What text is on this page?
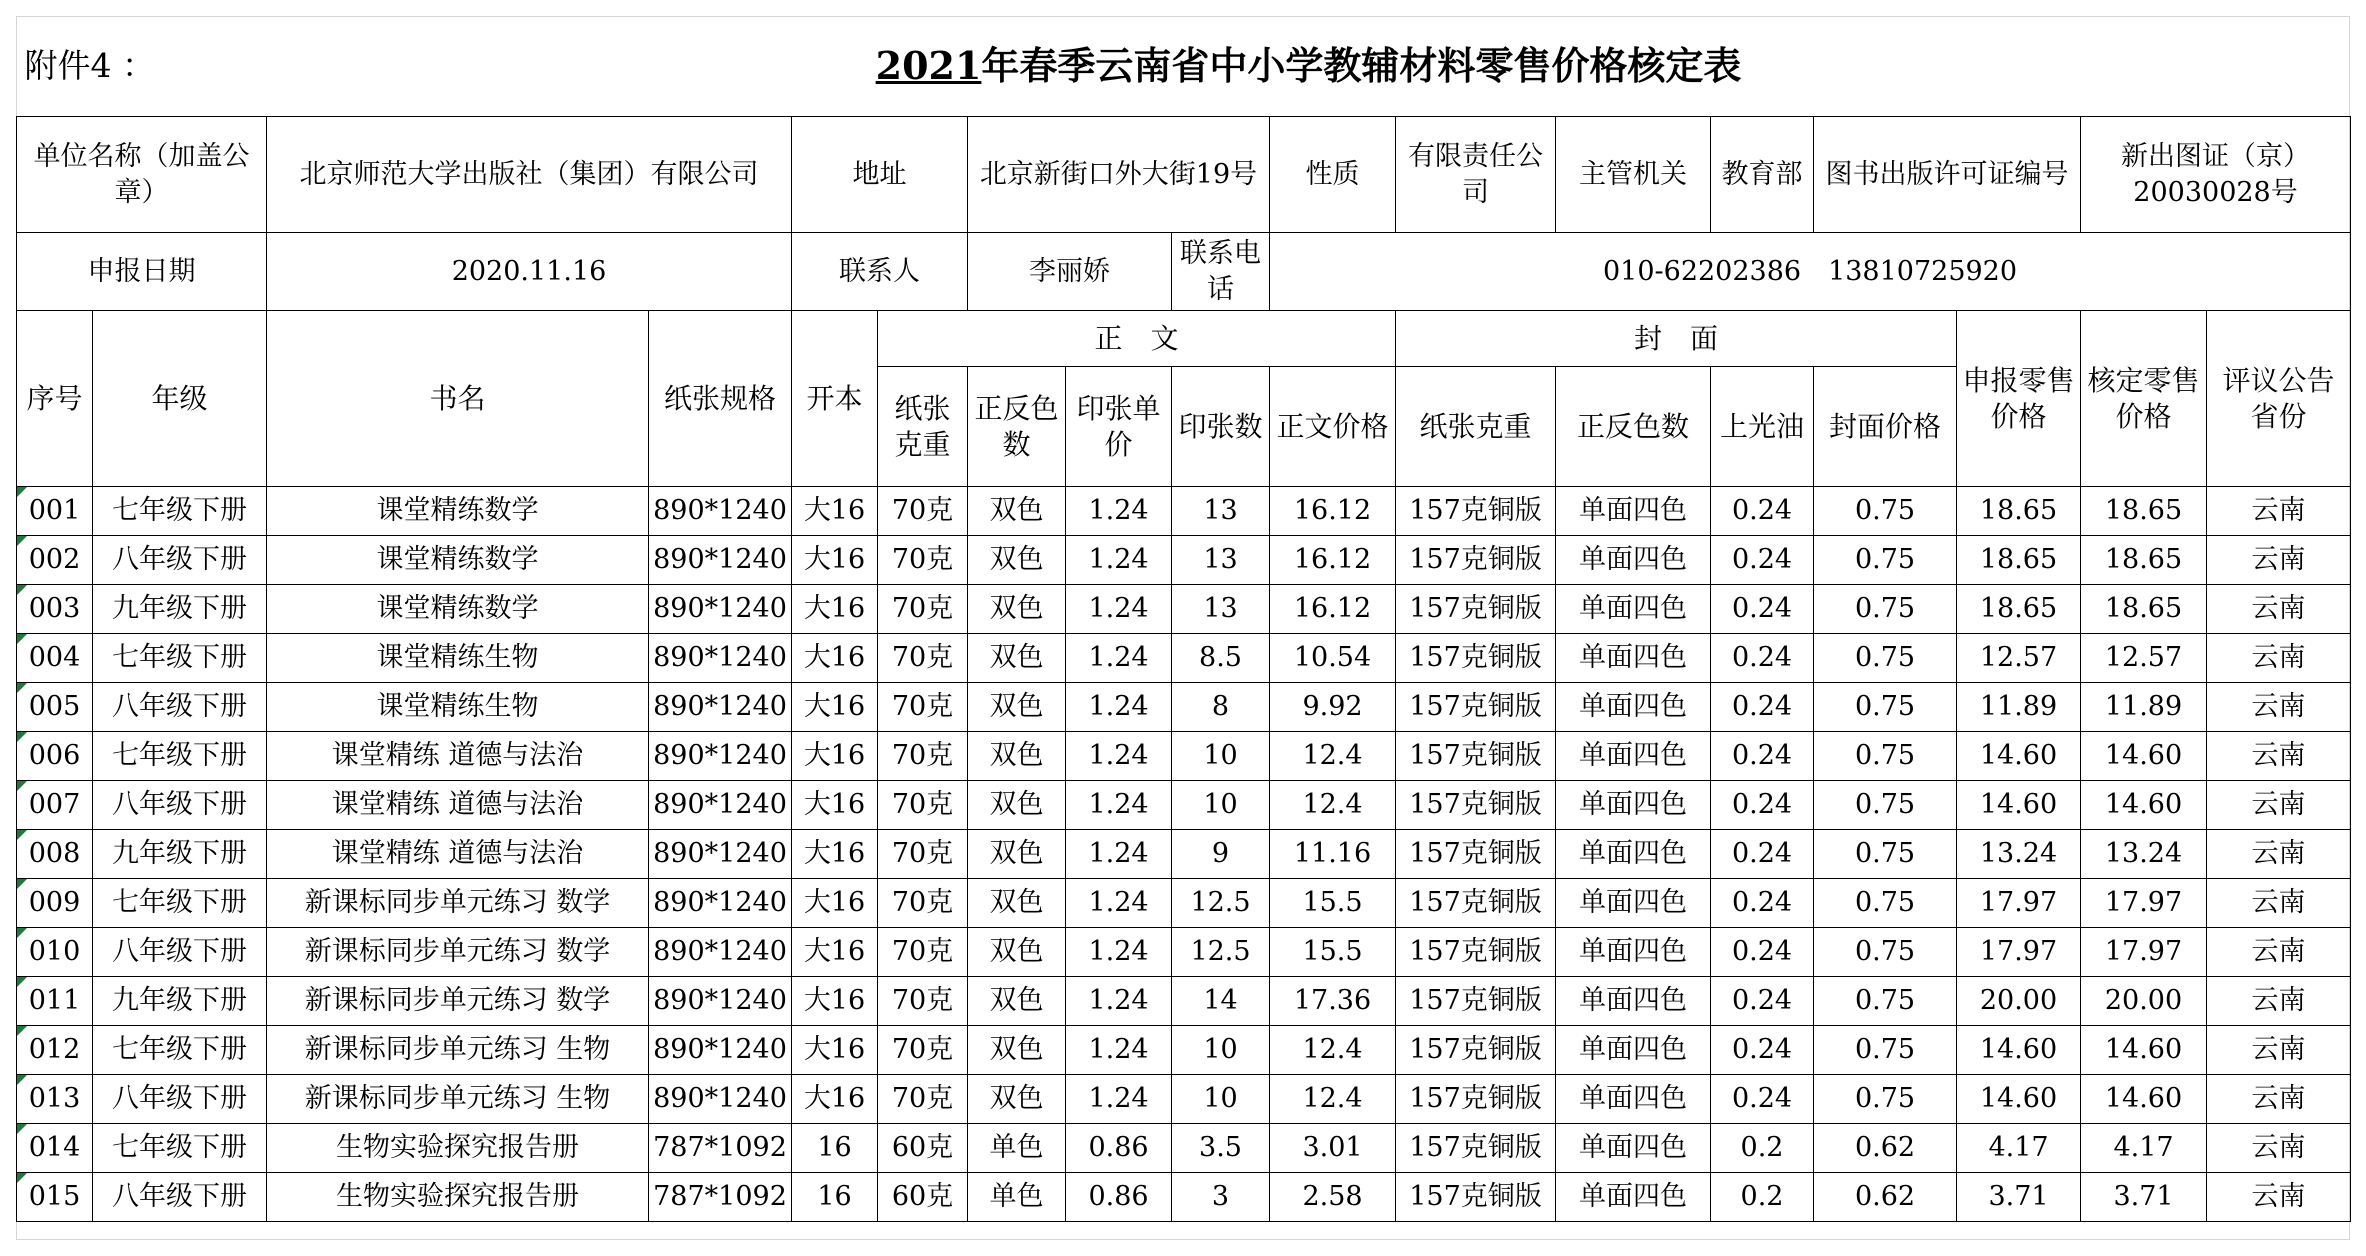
附件4 ：		2021年春季云南省中小学教辅材料零售价格核定表														
单位名称（加盖公章）		北京师范大学出版社（集团）有限公司		地址		北京新街口外大街19号			性质	有限责任公司	主管机关	教育部	图书出版许可证编号		新出图证（京）20030028号	
申报日期		2020.11.16		联系人		李丽娇		联系电话	010-62202386　13810725920							
序号	年级	书名	纸张规格	开本	正　文					封　面				申报零售价格	核定零售价格	评议公告省份
					纸张克重	正反色数	印张单价	印张数	正文价格	纸张克重	正反色数	上光油	封面价格			
001	七年级下册	课堂精练数学	890*1240	大16	70克	双色	1.24	13	16.12	157克铜版	单面四色	0.24	0.75	18.65	18.65	云南
002	八年级下册	课堂精练数学	890*1240	大16	70克	双色	1.24	13	16.12	157克铜版	单面四色	0.24	0.75	18.65	18.65	云南
003	九年级下册	课堂精练数学	890*1240	大16	70克	双色	1.24	13	16.12	157克铜版	单面四色	0.24	0.75	18.65	18.65	云南
004	七年级下册	课堂精练生物	890*1240	大16	70克	双色	1.24	8.5	10.54	157克铜版	单面四色	0.24	0.75	12.57	12.57	云南
005	八年级下册	课堂精练生物	890*1240	大16	70克	双色	1.24	8	9.92	157克铜版	单面四色	0.24	0.75	11.89	11.89	云南
006	七年级下册	课堂精练 道德与法治	890*1240	大16	70克	双色	1.24	10	12.4	157克铜版	单面四色	0.24	0.75	14.60	14.60	云南
007	八年级下册	课堂精练 道德与法治	890*1240	大16	70克	双色	1.24	10	12.4	157克铜版	单面四色	0.24	0.75	14.60	14.60	云南
008	九年级下册	课堂精练 道德与法治	890*1240	大16	70克	双色	1.24	9	11.16	157克铜版	单面四色	0.24	0.75	13.24	13.24	云南
009	七年级下册	新课标同步单元练习 数学	890*1240	大16	70克	双色	1.24	12.5	15.5	157克铜版	单面四色	0.24	0.75	17.97	17.97	云南
010	八年级下册	新课标同步单元练习 数学	890*1240	大16	70克	双色	1.24	12.5	15.5	157克铜版	单面四色	0.24	0.75	17.97	17.97	云南
011	九年级下册	新课标同步单元练习 数学	890*1240	大16	70克	双色	1.24	14	17.36	157克铜版	单面四色	0.24	0.75	20.00	20.00	云南
012	七年级下册	新课标同步单元练习 生物	890*1240	大16	70克	双色	1.24	10	12.4	157克铜版	单面四色	0.24	0.75	14.60	14.60	云南
013	八年级下册	新课标同步单元练习 生物	890*1240	大16	70克	双色	1.24	10	12.4	157克铜版	单面四色	0.24	0.75	14.60	14.60	云南
014	七年级下册	生物实验探究报告册	787*1092	16	60克	单色	0.86	3.5	3.01	157克铜版	单面四色	0.2	0.62	4.17	4.17	云南
015	八年级下册	生物实验探究报告册	787*1092	16	60克	单色	0.86	3	2.58	157克铜版	单面四色	0.2	0.62	3.71	3.71	云南
